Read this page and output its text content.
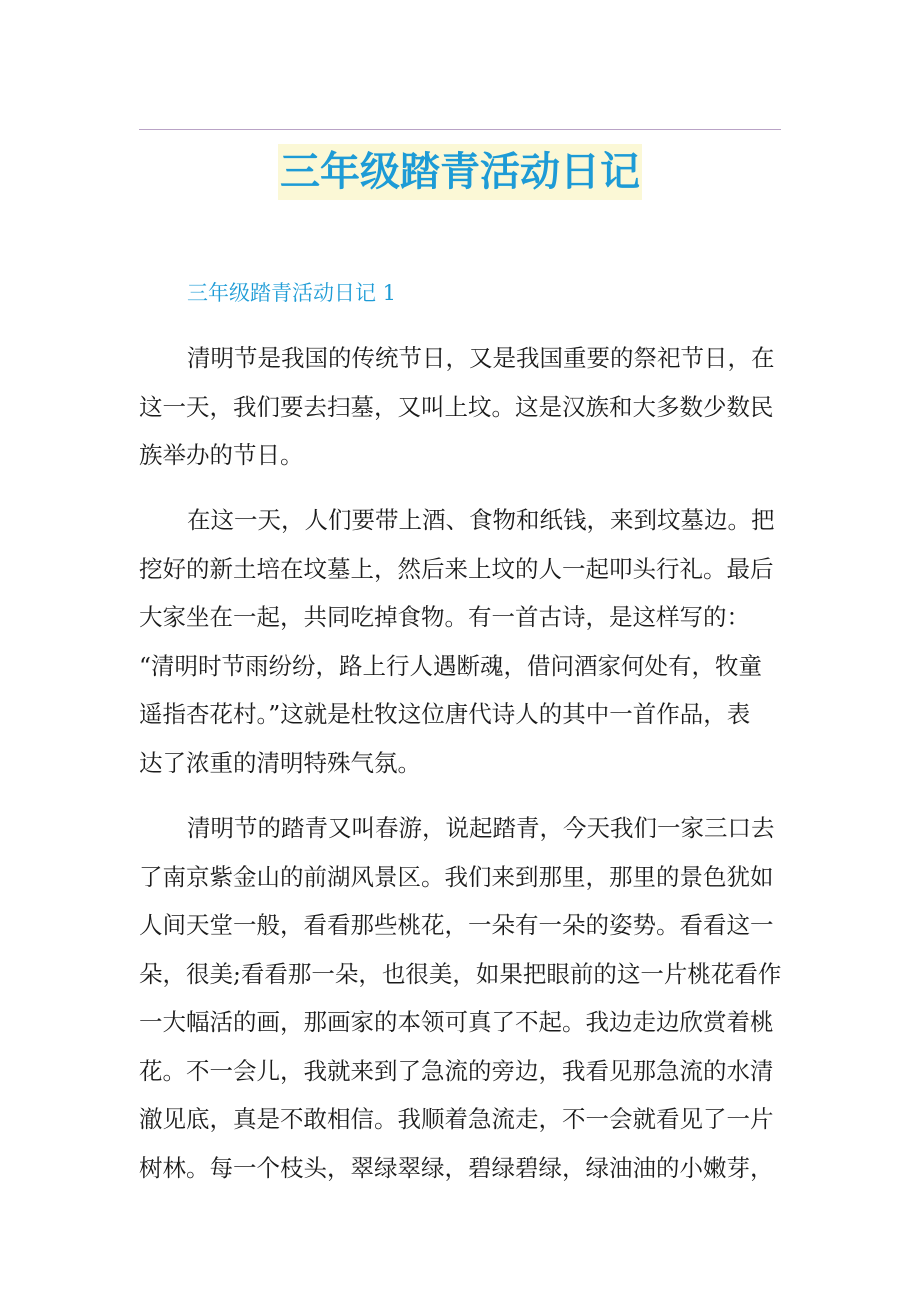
三年级踏青活动日记
三年级踏青活动日记 1
清明节是我国的传统节日，又是我国重要的祭祀节日，在
这一天，我们要去扫墓，又叫上坟。这是汉族和大多数少数民
族举办的节日。
在这一天，人们要带上酒、食物和纸钱，来到坟墓边。把
挖好的新土培在坟墓上，然后来上坟的人一起叩头行礼。最后
大家坐在一起，共同吃掉食物。有一首古诗，是这样写的：
“清明时节雨纷纷，路上行人遇断魂，借问酒家何处有，牧童
遥指杏花村。”这就是杜牧这位唐代诗人的其中一首作品，表
达了浓重的清明特殊气氛。
清明节的踏青又叫春游，说起踏青，今天我们一家三口去
了南京紫金山的前湖风景区。我们来到那里，那里的景色犹如
人间天堂一般，看看那些桃花，一朵有一朵的姿势。看看这一
朵，很美;看看那一朵，也很美，如果把眼前的这一片桃花看作
一大幅活的画，那画家的本领可真了不起。我边走边欣赏着桃
花。不一会儿，我就来到了急流的旁边，我看见那急流的水清
澈见底，真是不敢相信。我顺着急流走，不一会就看见了一片
树林。每一个枝头，翠绿翠绿，碧绿碧绿，绿油油的小嫩芽，
